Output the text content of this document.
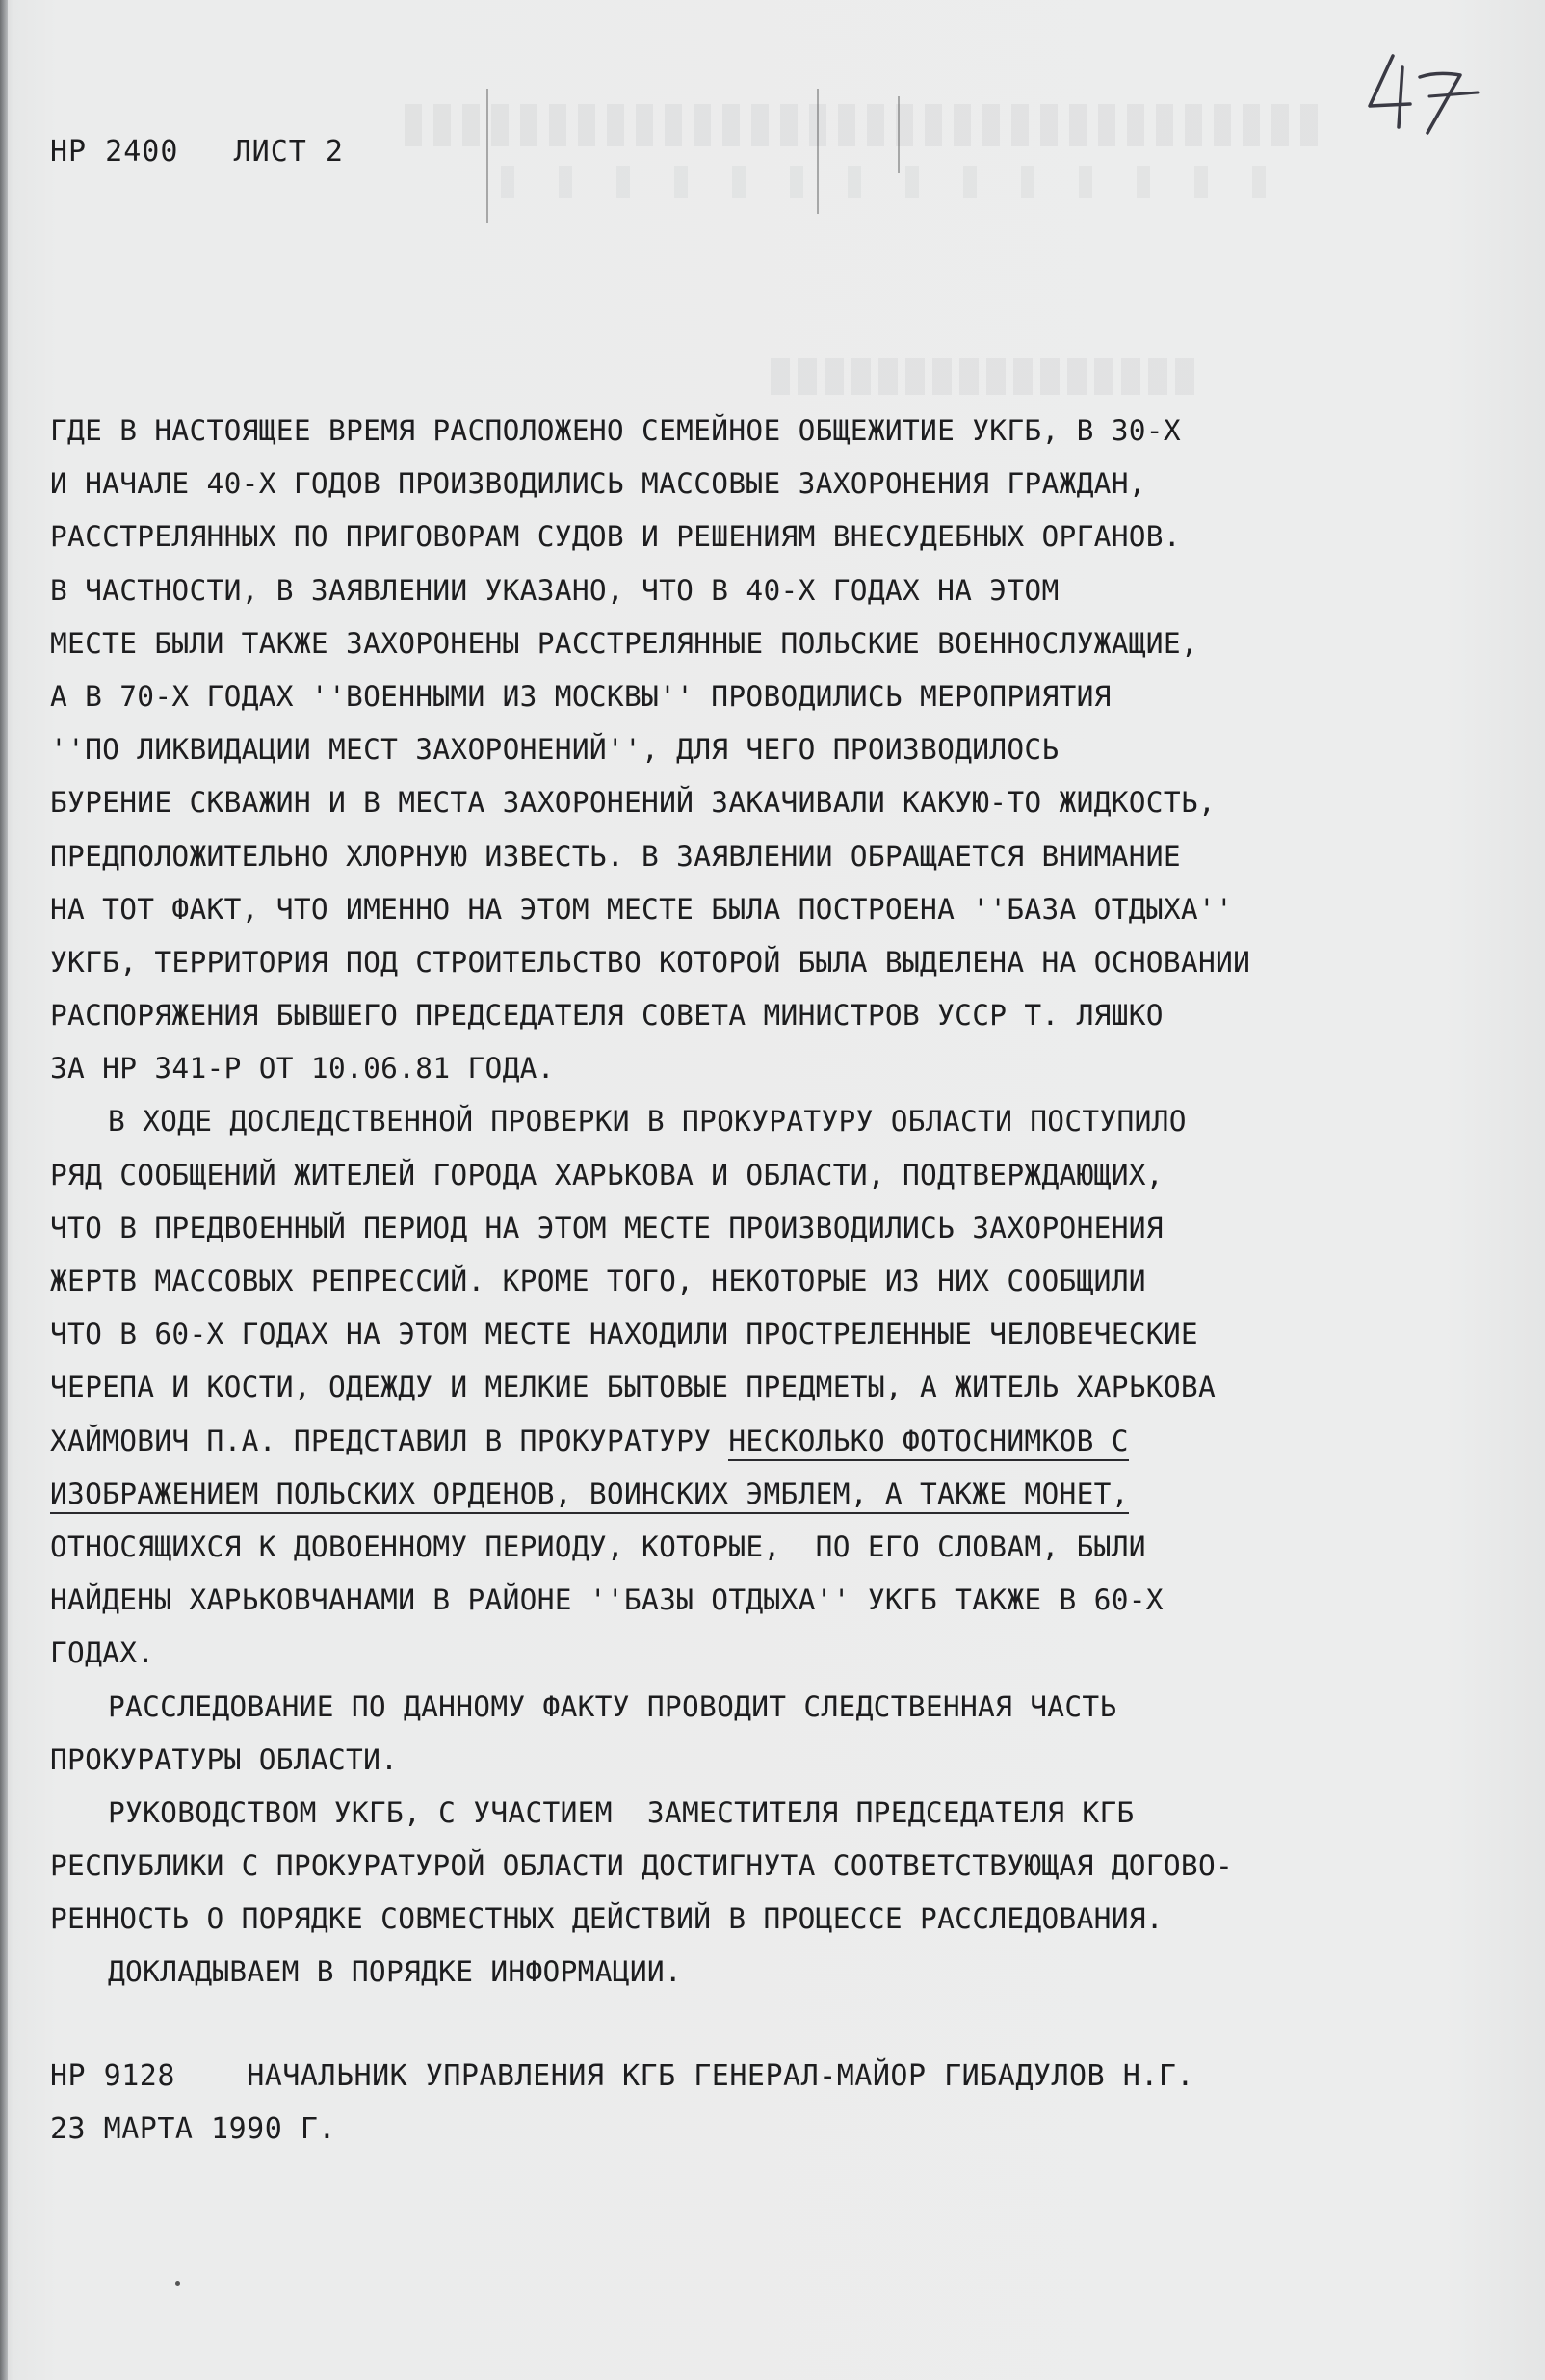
НР 2400 ЛИСТ 2
ГДЕ В НАСТОЯЩЕЕ ВРЕМЯ РАСПОЛОЖЕНО СЕМЕЙНОЕ ОБЩЕЖИТИЕ УКГБ, В 30-Х
И НАЧАЛЕ 40-Х ГОДОВ ПРОИЗВОДИЛИСЬ МАССОВЫЕ ЗАХОРОНЕНИЯ ГРАЖДАН,
РАССТРЕЛЯННЫХ ПО ПРИГОВОРАМ СУДОВ И РЕШЕНИЯМ ВНЕСУДЕБНЫХ ОРГАНОВ.
В ЧАСТНОСТИ, В ЗАЯВЛЕНИИ УКАЗАНО, ЧТО В 40-Х ГОДАХ НА ЭТОМ
МЕСТЕ БЫЛИ ТАКЖЕ ЗАХОРОНЕНЫ РАССТРЕЛЯННЫЕ ПОЛЬСКИЕ ВОЕННОСЛУЖАЩИЕ,
А В 70-Х ГОДАХ ''ВОЕННЫМИ ИЗ МОСКВЫ'' ПРОВОДИЛИСЬ МЕРОПРИЯТИЯ
''ПО ЛИКВИДАЦИИ МЕСТ ЗАХОРОНЕНИЙ'', ДЛЯ ЧЕГО ПРОИЗВОДИЛОСЬ
БУРЕНИЕ СКВАЖИН И В МЕСТА ЗАХОРОНЕНИЙ ЗАКАЧИВАЛИ КАКУЮ-ТО ЖИДКОСТЬ,
ПРЕДПОЛОЖИТЕЛЬНО ХЛОРНУЮ ИЗВЕСТЬ. В ЗАЯВЛЕНИИ ОБРАЩАЕТСЯ ВНИМАНИЕ
НА ТОТ ФАКТ, ЧТО ИМЕННО НА ЭТОМ МЕСТЕ БЫЛА ПОСТРОЕНА ''БАЗА ОТДЫХА''
УКГБ, ТЕРРИТОРИЯ ПОД СТРОИТЕЛЬСТВО КОТОРОЙ БЫЛА ВЫДЕЛЕНА НА ОСНОВАНИИ
РАСПОРЯЖЕНИЯ БЫВШЕГО ПРЕДСЕДАТЕЛЯ СОВЕТА МИНИСТРОВ УССР Т. ЛЯШКО
ЗА НР 341-Р ОТ 10.06.81 ГОДА.
В ХОДЕ ДОСЛЕДСТВЕННОЙ ПРОВЕРКИ В ПРОКУРАТУРУ ОБЛАСТИ ПОСТУПИЛО
РЯД СООБЩЕНИЙ ЖИТЕЛЕЙ ГОРОДА ХАРЬКОВА И ОБЛАСТИ, ПОДТВЕРЖДАЮЩИХ,
ЧТО В ПРЕДВОЕННЫЙ ПЕРИОД НА ЭТОМ МЕСТЕ ПРОИЗВОДИЛИСЬ ЗАХОРОНЕНИЯ
ЖЕРТВ МАССОВЫХ РЕПРЕССИЙ. КРОМЕ ТОГО, НЕКОТОРЫЕ ИЗ НИХ СООБЩИЛИ
ЧТО В 60-Х ГОДАХ НА ЭТОМ МЕСТЕ НАХОДИЛИ ПРОСТРЕЛЕННЫЕ ЧЕЛОВЕЧЕСКИЕ
ЧЕРЕПА И КОСТИ, ОДЕЖДУ И МЕЛКИЕ БЫТОВЫЕ ПРЕДМЕТЫ, А ЖИТЕЛЬ ХАРЬКОВА
ХАЙМОВИЧ П.А. ПРЕДСТАВИЛ В ПРОКУРАТУРУ НЕСКОЛЬКО ФОТОСНИМКОВ С
ИЗОБРАЖЕНИЕМ ПОЛЬСКИХ ОРДЕНОВ, ВОИНСКИХ ЭМБЛЕМ, А ТАКЖЕ МОНЕТ,
ОТНОСЯЩИХСЯ К ДОВОЕННОМУ ПЕРИОДУ, КОТОРЫЕ,  ПО ЕГО СЛОВАМ, БЫЛИ
НАЙДЕНЫ ХАРЬКОВЧАНАМИ В РАЙОНЕ ''БАЗЫ ОТДЫХА'' УКГБ ТАКЖЕ В 60-Х
ГОДАХ.
РАССЛЕДОВАНИЕ ПО ДАННОМУ ФАКТУ ПРОВОДИТ СЛЕДСТВЕННАЯ ЧАСТЬ
ПРОКУРАТУРЫ ОБЛАСТИ.
РУКОВОДСТВОМ УКГБ, С УЧАСТИЕМ  ЗАМЕСТИТЕЛЯ ПРЕДСЕДАТЕЛЯ КГБ
РЕСПУБЛИКИ С ПРОКУРАТУРОЙ ОБЛАСТИ ДОСТИГНУТА СООТВЕТСТВУЮЩАЯ ДОГОВО-
РЕННОСТЬ О ПОРЯДКЕ СОВМЕСТНЫХ ДЕЙСТВИЙ В ПРОЦЕССЕ РАССЛЕДОВАНИЯ.
ДОКЛАДЫВАЕМ В ПОРЯДКЕ ИНФОРМАЦИИ.
НР 9128 НАЧАЛЬНИК УПРАВЛЕНИЯ КГБ ГЕНЕРАЛ-МАЙОР ГИБАДУЛОВ Н.Г.
23 МАРТА 1990 Г.
